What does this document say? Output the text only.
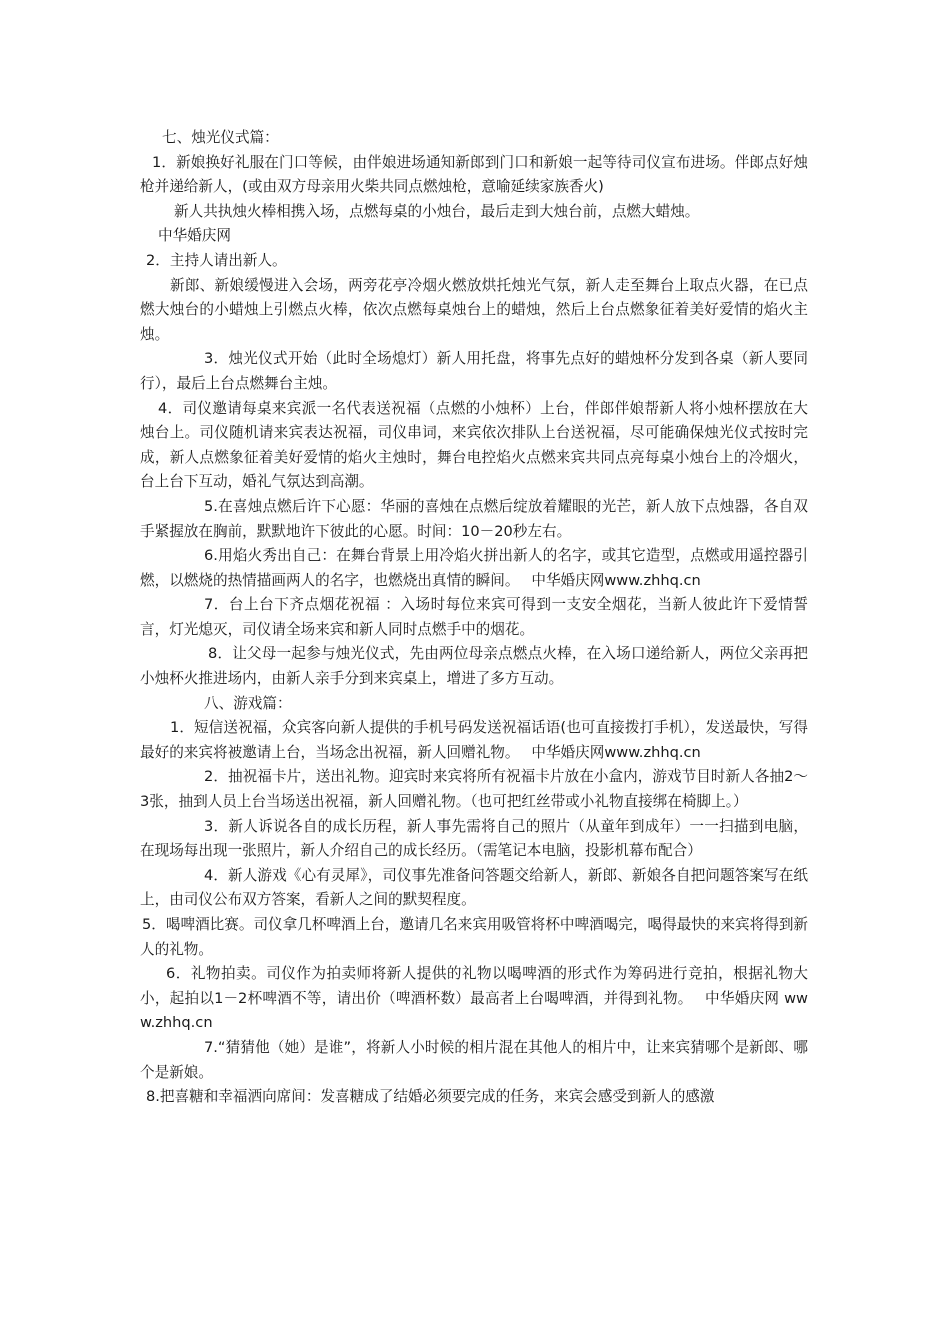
七、烛光仪式篇：

1．新娘换好礼服在门口等候，由伴娘进场通知新郎到门口和新娘一起等待司仪宣布进场。伴郎点好烛枪并递给新人，(或由双方母亲用火柴共同点燃烛枪，意喻延续家族香火)

新人共执烛火棒相携入场，点燃每桌的小烛台，最后走到大烛台前，点燃大蜡烛。

中华婚庆网

2．主持人请出新人。

新郎、新娘缓慢进入会场，两旁花亭冷烟火燃放烘托烛光气氛，新人走至舞台上取点火器，在已点燃大烛台的小蜡烛上引燃点火棒，依次点燃每桌烛台上的蜡烛，然后上台点燃象征着美好爱情的焰火主烛。

3．烛光仪式开始（此时全场熄灯）新人用托盘，将事先点好的蜡烛杯分发到各桌（新人要同行），最后上台点燃舞台主烛。

4．司仪邀请每桌来宾派一名代表送祝福（点燃的小烛杯）上台，伴郎伴娘帮新人将小烛杯摆放在大烛台上。司仪随机请来宾表达祝福，司仪串词，来宾依次排队上台送祝福，尽可能确保烛光仪式按时完成，新人点燃象征着美好爱情的焰火主烛时，舞台电控焰火点燃来宾共同点亮每桌小烛台上的冷烟火，台上台下互动，婚礼气氛达到高潮。

5.在喜烛点燃后许下心愿：华丽的喜烛在点燃后绽放着耀眼的光芒，新人放下点烛器，各自双手紧握放在胸前，默默地许下彼此的心愿。时间：10－20秒左右。

6.用焰火秀出自己：在舞台背景上用冷焰火拼出新人的名字，或其它造型，点燃或用遥控器引燃，以燃烧的热情描画两人的名字，也燃烧出真情的瞬间。　 中华婚庆网www.zhhq.cn

7．台上台下齐点烟花祝福 ：入场时每位来宾可得到一支安全烟花，当新人彼此许下爱情誓言，灯光熄灭，司仪请全场来宾和新人同时点燃手中的烟花。

8．让父母一起参与烛光仪式，先由两位母亲点燃点火棒，在入场口递给新人，两位父亲再把小烛杯火推进场内，由新人亲手分到来宾桌上，增进了多方互动。

八、游戏篇：

1．短信送祝福，众宾客向新人提供的手机号码发送祝福话语(也可直接拨打手机），发送最快，写得最好的来宾将被邀请上台，当场念出祝福，新人回赠礼物。　 中华婚庆网www.zhhq.cn

2．抽祝福卡片，送出礼物。迎宾时来宾将所有祝福卡片放在小盒内，游戏节目时新人各抽2～3张，抽到人员上台当场送出祝福，新人回赠礼物。（也可把红丝带或小礼物直接绑在椅脚上。）

3．新人诉说各自的成长历程，新人事先需将自己的照片（从童年到成年）一一扫描到电脑，在现场每出现一张照片，新人介绍自己的成长经历。（需笔记本电脑，投影机幕布配合）

4．新人游戏《心有灵犀》，司仪事先准备问答题交给新人，新郎、新娘各自把问题答案写在纸上，由司仪公布双方答案，看新人之间的默契程度。

5．喝啤酒比赛。司仪拿几杯啤酒上台，邀请几名来宾用吸管将杯中啤酒喝完，喝得最快的来宾将得到新人的礼物。

6．礼物拍卖。司仪作为拍卖师将新人提供的礼物以喝啤酒的形式作为筹码进行竞拍，根据礼物大小，起拍以1－2杯啤酒不等，请出价（啤酒杯数）最高者上台喝啤酒，并得到礼物。　 中华婚庆网 www.zhhq.cn

7.“猜猜他（她）是谁”，将新人小时候的相片混在其他人的相片中，让来宾猜哪个是新郎、哪个是新娘。

8.把喜糖和幸福洒向席间：发喜糖成了结婚必须要完成的任务，来宾会感受到新人的感激
